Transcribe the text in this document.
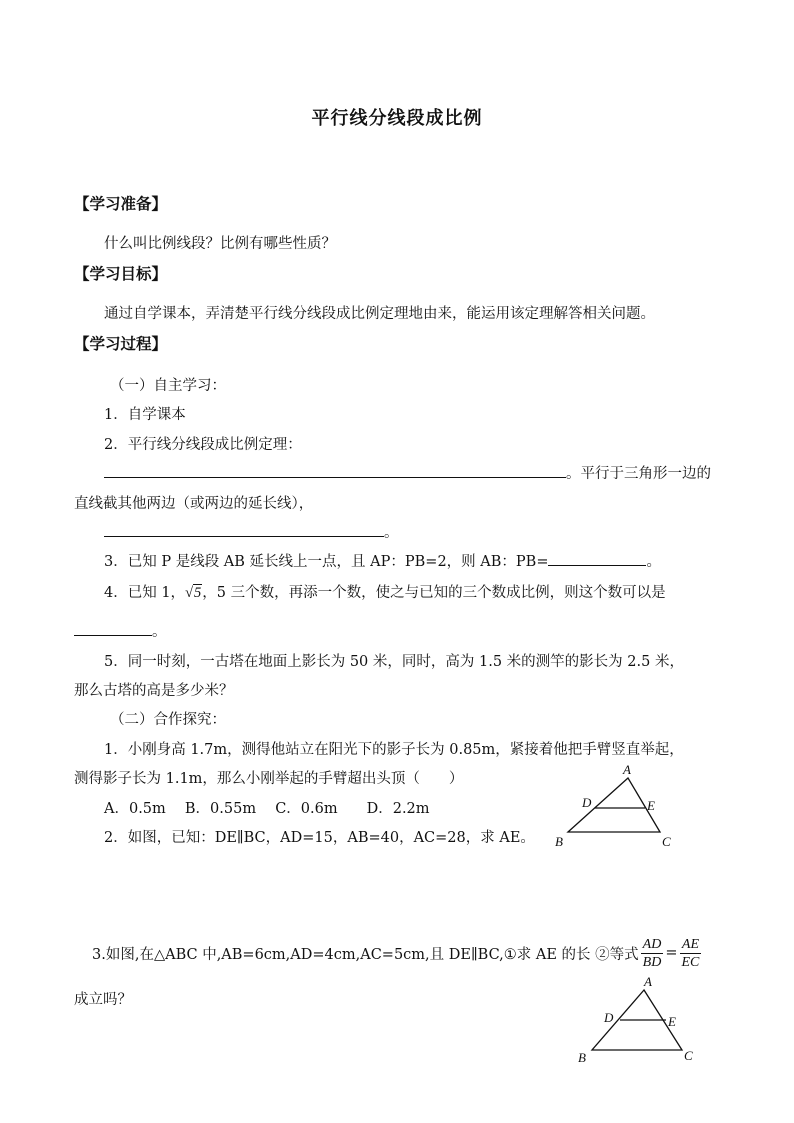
平行线分线段成比例
【学习准备】
什么叫比例线段？比例有哪些性质？
【学习目标】
通过自学课本，弄清楚平行线分线段成比例定理地由来，能运用该定理解答相关问题。
【学习过程】
（一）自主学习：
1．自学课本
2．平行线分线段成比例定理：
。平行于三角形一边的
直线截其他两边（或两边的延长线），
。
3．已知 P 是线段 AB 延长线上一点，且 AP：PB=2，则 AB：PB=	。
4．已知 1，√5，5 三个数，再添一个数，使之与已知的三个数成比例，则这个数可以是
。
5．同一时刻，一古塔在地面上影长为 50 米，同时，高为 1.5 米的测竿的影长为 2.5 米，
那么古塔的高是多少米？
（二）合作探究：
1．小刚身高 1.7m，测得他站立在阳光下的影子长为 0.85m，紧接着他把手臂竖直举起，
测得影子长为 1.1m，那么小刚举起的手臂超出头顶（　　）
A．0.5m　 B．0.55m　 C．0.6m　　D．2.2m
2．如图，已知：DE∥BC，AD=15，AB=40，AC=28，求 AE。
A
D	E
B	C
3.如图,在△ABC 中,AB=6cm,AD=4cm,AC=5cm,且 DE∥BC,①求 AE 的长 ②等式 $\frac{AD}{BD} = \frac{AE}{EC}$
成立吗？
A
D	E
B	C
